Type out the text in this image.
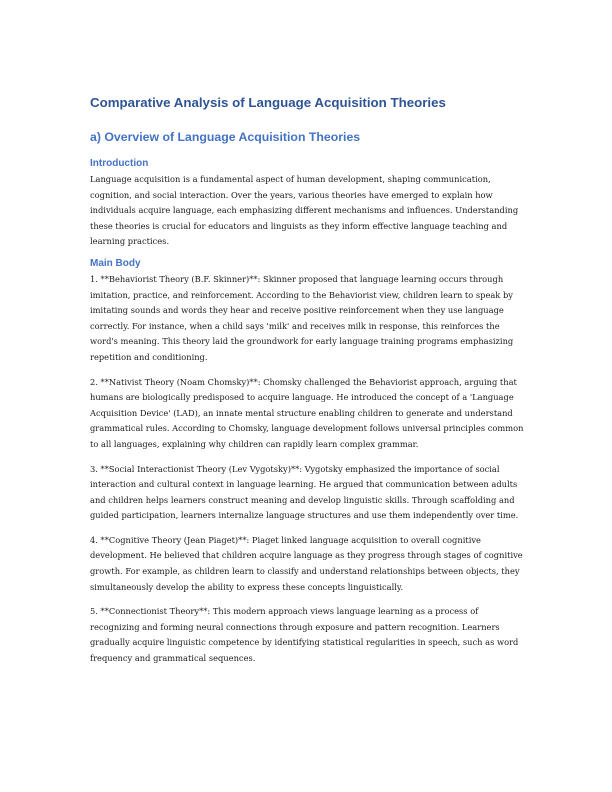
Comparative Analysis of Language Acquisition Theories
a) Overview of Language Acquisition Theories
Introduction

Language acquisition is a fundamental aspect of human development, shaping communication, cognition, and social interaction. Over the years, various theories have emerged to explain how individuals acquire language, each emphasizing different mechanisms and influences. Understanding these theories is crucial for educators and linguists as they inform effective language teaching and learning practices.

Main Body

1. **Behaviorist Theory (B.F. Skinner)**: Skinner proposed that language learning occurs through imitation, practice, and reinforcement. According to the Behaviorist view, children learn to speak by imitating sounds and words they hear and receive positive reinforcement when they use language correctly. For instance, when a child says 'milk' and receives milk in response, this reinforces the word's meaning. This theory laid the groundwork for early language training programs emphasizing repetition and conditioning.

2. **Nativist Theory (Noam Chomsky)**: Chomsky challenged the Behaviorist approach, arguing that humans are biologically predisposed to acquire language. He introduced the concept of a 'Language Acquisition Device' (LAD), an innate mental structure enabling children to generate and understand grammatical rules. According to Chomsky, language development follows universal principles common to all languages, explaining why children can rapidly learn complex grammar.

3. **Social Interactionist Theory (Lev Vygotsky)**: Vygotsky emphasized the importance of social interaction and cultural context in language learning. He argued that communication between adults and children helps learners construct meaning and develop linguistic skills. Through scaffolding and guided participation, learners internalize language structures and use them independently over time.

4. **Cognitive Theory (Jean Piaget)**: Piaget linked language acquisition to overall cognitive development. He believed that children acquire language as they progress through stages of cognitive growth. For example, as children learn to classify and understand relationships between objects, they simultaneously develop the ability to express these concepts linguistically.

5. **Connectionist Theory**: This modern approach views language learning as a process of recognizing and forming neural connections through exposure and pattern recognition. Learners gradually acquire linguistic competence by identifying statistical regularities in speech, such as word frequency and grammatical sequences.
